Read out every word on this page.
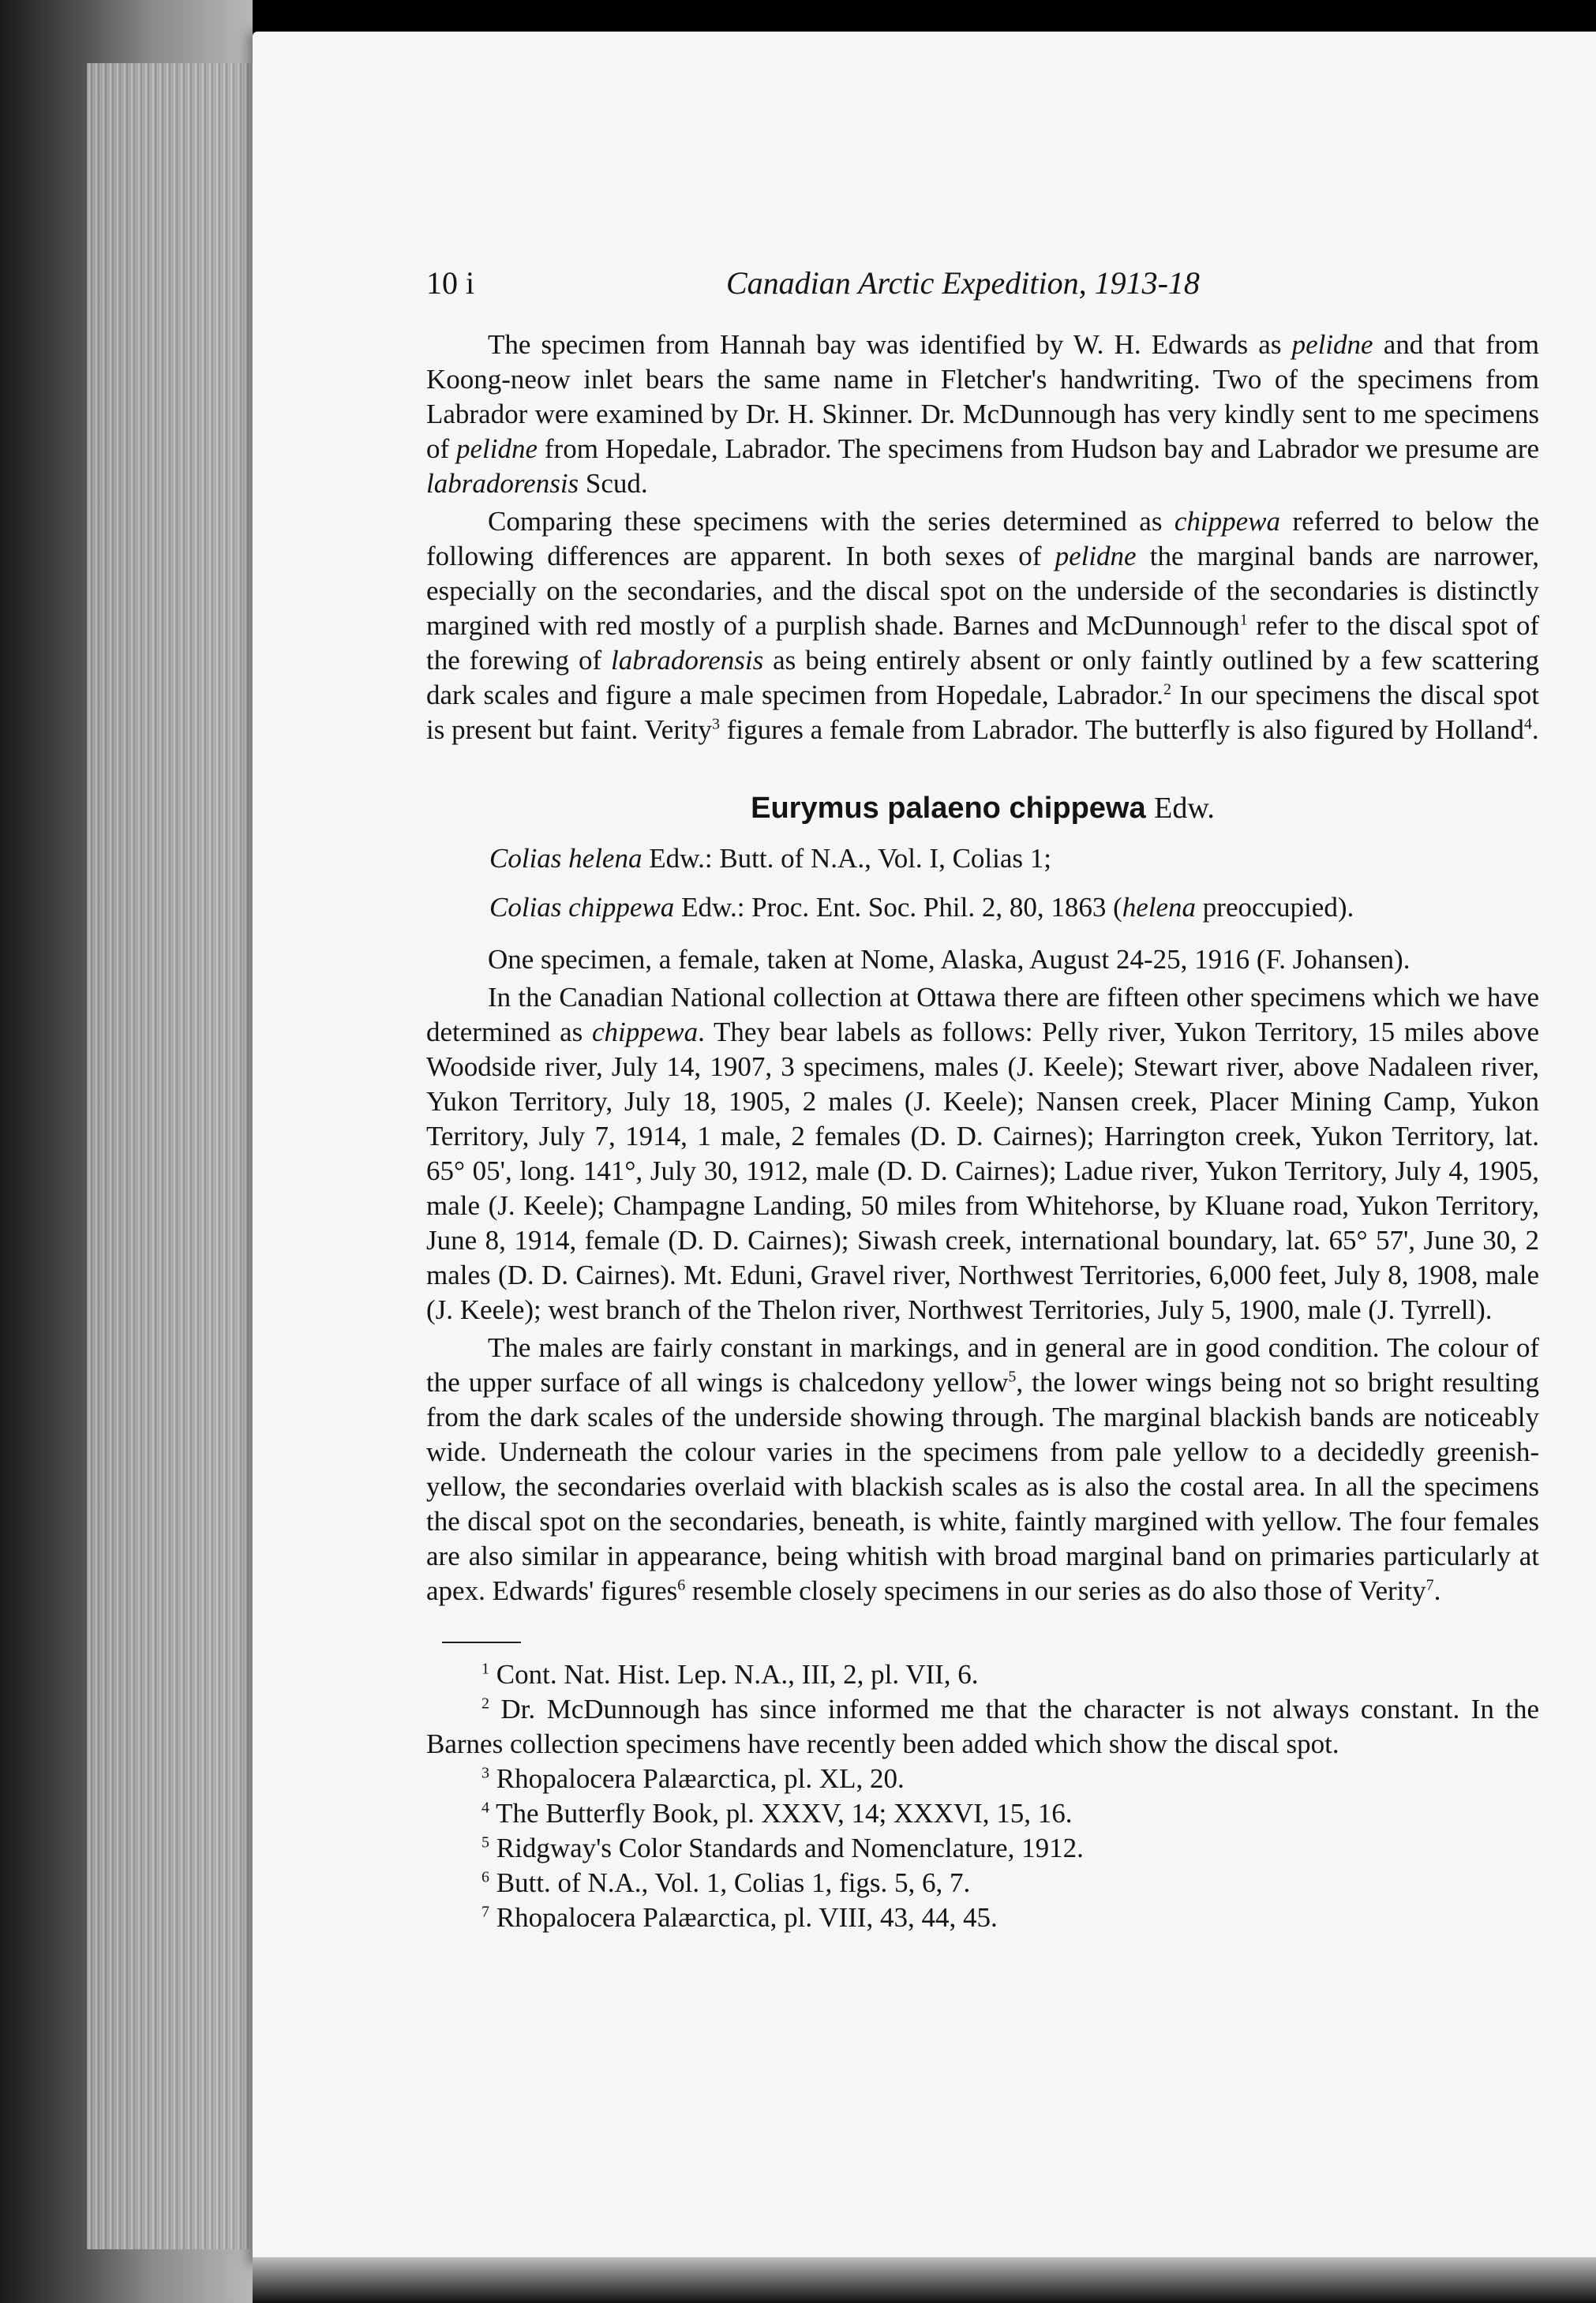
10 i	Canadian Arctic Expedition, 1913-18

The specimen from Hannah bay was identified by W. H. Edwards as pelidne and that from Koong-neow inlet bears the same name in Fletcher's handwriting. Two of the specimens from Labrador were examined by Dr. H. Skinner. Dr. McDunnough has very kindly sent to me specimens of pelidne from Hopedale, Labrador. The specimens from Hudson bay and Labrador we presume are labradorensis Scud.

Comparing these specimens with the series determined as chippewa referred to below the following differences are apparent. In both sexes of pelidne the marginal bands are narrower, especially on the secondaries, and the discal spot on the underside of the secondaries is distinctly margined with red mostly of a purplish shade. Barnes and McDunnough$^1$ refer to the discal spot of the forewing of labradorensis as being entirely absent or only faintly outlined by a few scattering dark scales and figure a male specimen from Hopedale, Labrador.$^2$ In our specimens the discal spot is present but faint. Verity$^3$ figures a female from Labrador. The butterfly is also figured by Holland$^4$.

Eurymus palaeno chippewa Edw.
Colias helena Edw.: Butt. of N.A., Vol. I, Colias 1;
Colias chippewa Edw.: Proc. Ent. Soc. Phil. 2, 80, 1863 (helena preoccupied).

One specimen, a female, taken at Nome, Alaska, August 24-25, 1916 (F. Johansen).

In the Canadian National collection at Ottawa there are fifteen other specimens which we have determined as chippewa. They bear labels as follows: Pelly river, Yukon Territory, 15 miles above Woodside river, July 14, 1907, 3 specimens, males (J. Keele); Stewart river, above Nadaleen river, Yukon Territory, July 18, 1905, 2 males (J. Keele); Nansen creek, Placer Mining Camp, Yukon Territory, July 7, 1914, 1 male, 2 females (D. D. Cairnes); Harrington creek, Yukon Territory, lat. 65° 05', long. 141°, July 30, 1912, male (D. D. Cairnes); Ladue river, Yukon Territory, July 4, 1905, male (J. Keele); Champagne Landing, 50 miles from Whitehorse, by Kluane road, Yukon Territory, June 8, 1914, female (D. D. Cairnes); Siwash creek, international boundary, lat. 65° 57', June 30, 2 males (D. D. Cairnes). Mt. Eduni, Gravel river, Northwest Territories, 6,000 feet, July 8, 1908, male (J. Keele); west branch of the Thelon river, Northwest Territories, July 5, 1900, male (J. Tyrrell).

The males are fairly constant in markings, and in general are in good condition. The colour of the upper surface of all wings is chalcedony yellow$^5$, the lower wings being not so bright resulting from the dark scales of the underside showing through. The marginal blackish bands are noticeably wide. Underneath the colour varies in the specimens from pale yellow to a decidedly greenish-yellow, the secondaries overlaid with blackish scales as is also the costal area. In all the specimens the discal spot on the secondaries, beneath, is white, faintly margined with yellow. The four females are also similar in appearance, being whitish with broad marginal band on primaries particularly at apex. Edwards' figures$^6$ resemble closely specimens in our series as do also those of Verity$^7$.

$^1$ Cont. Nat. Hist. Lep. N.A., III, 2, pl. VII, 6.

$^2$ Dr. McDunnough has since informed me that the character is not always constant. In the Barnes collection specimens have recently been added which show the discal spot.

$^3$ Rhopalocera Palæarctica, pl. XL, 20.

$^4$ The Butterfly Book, pl. XXXV, 14; XXXVI, 15, 16.

$^5$ Ridgway's Color Standards and Nomenclature, 1912.

$^6$ Butt. of N.A., Vol. 1, Colias 1, figs. 5, 6, 7.

$^7$ Rhopalocera Palæarctica, pl. VIII, 43, 44, 45.
